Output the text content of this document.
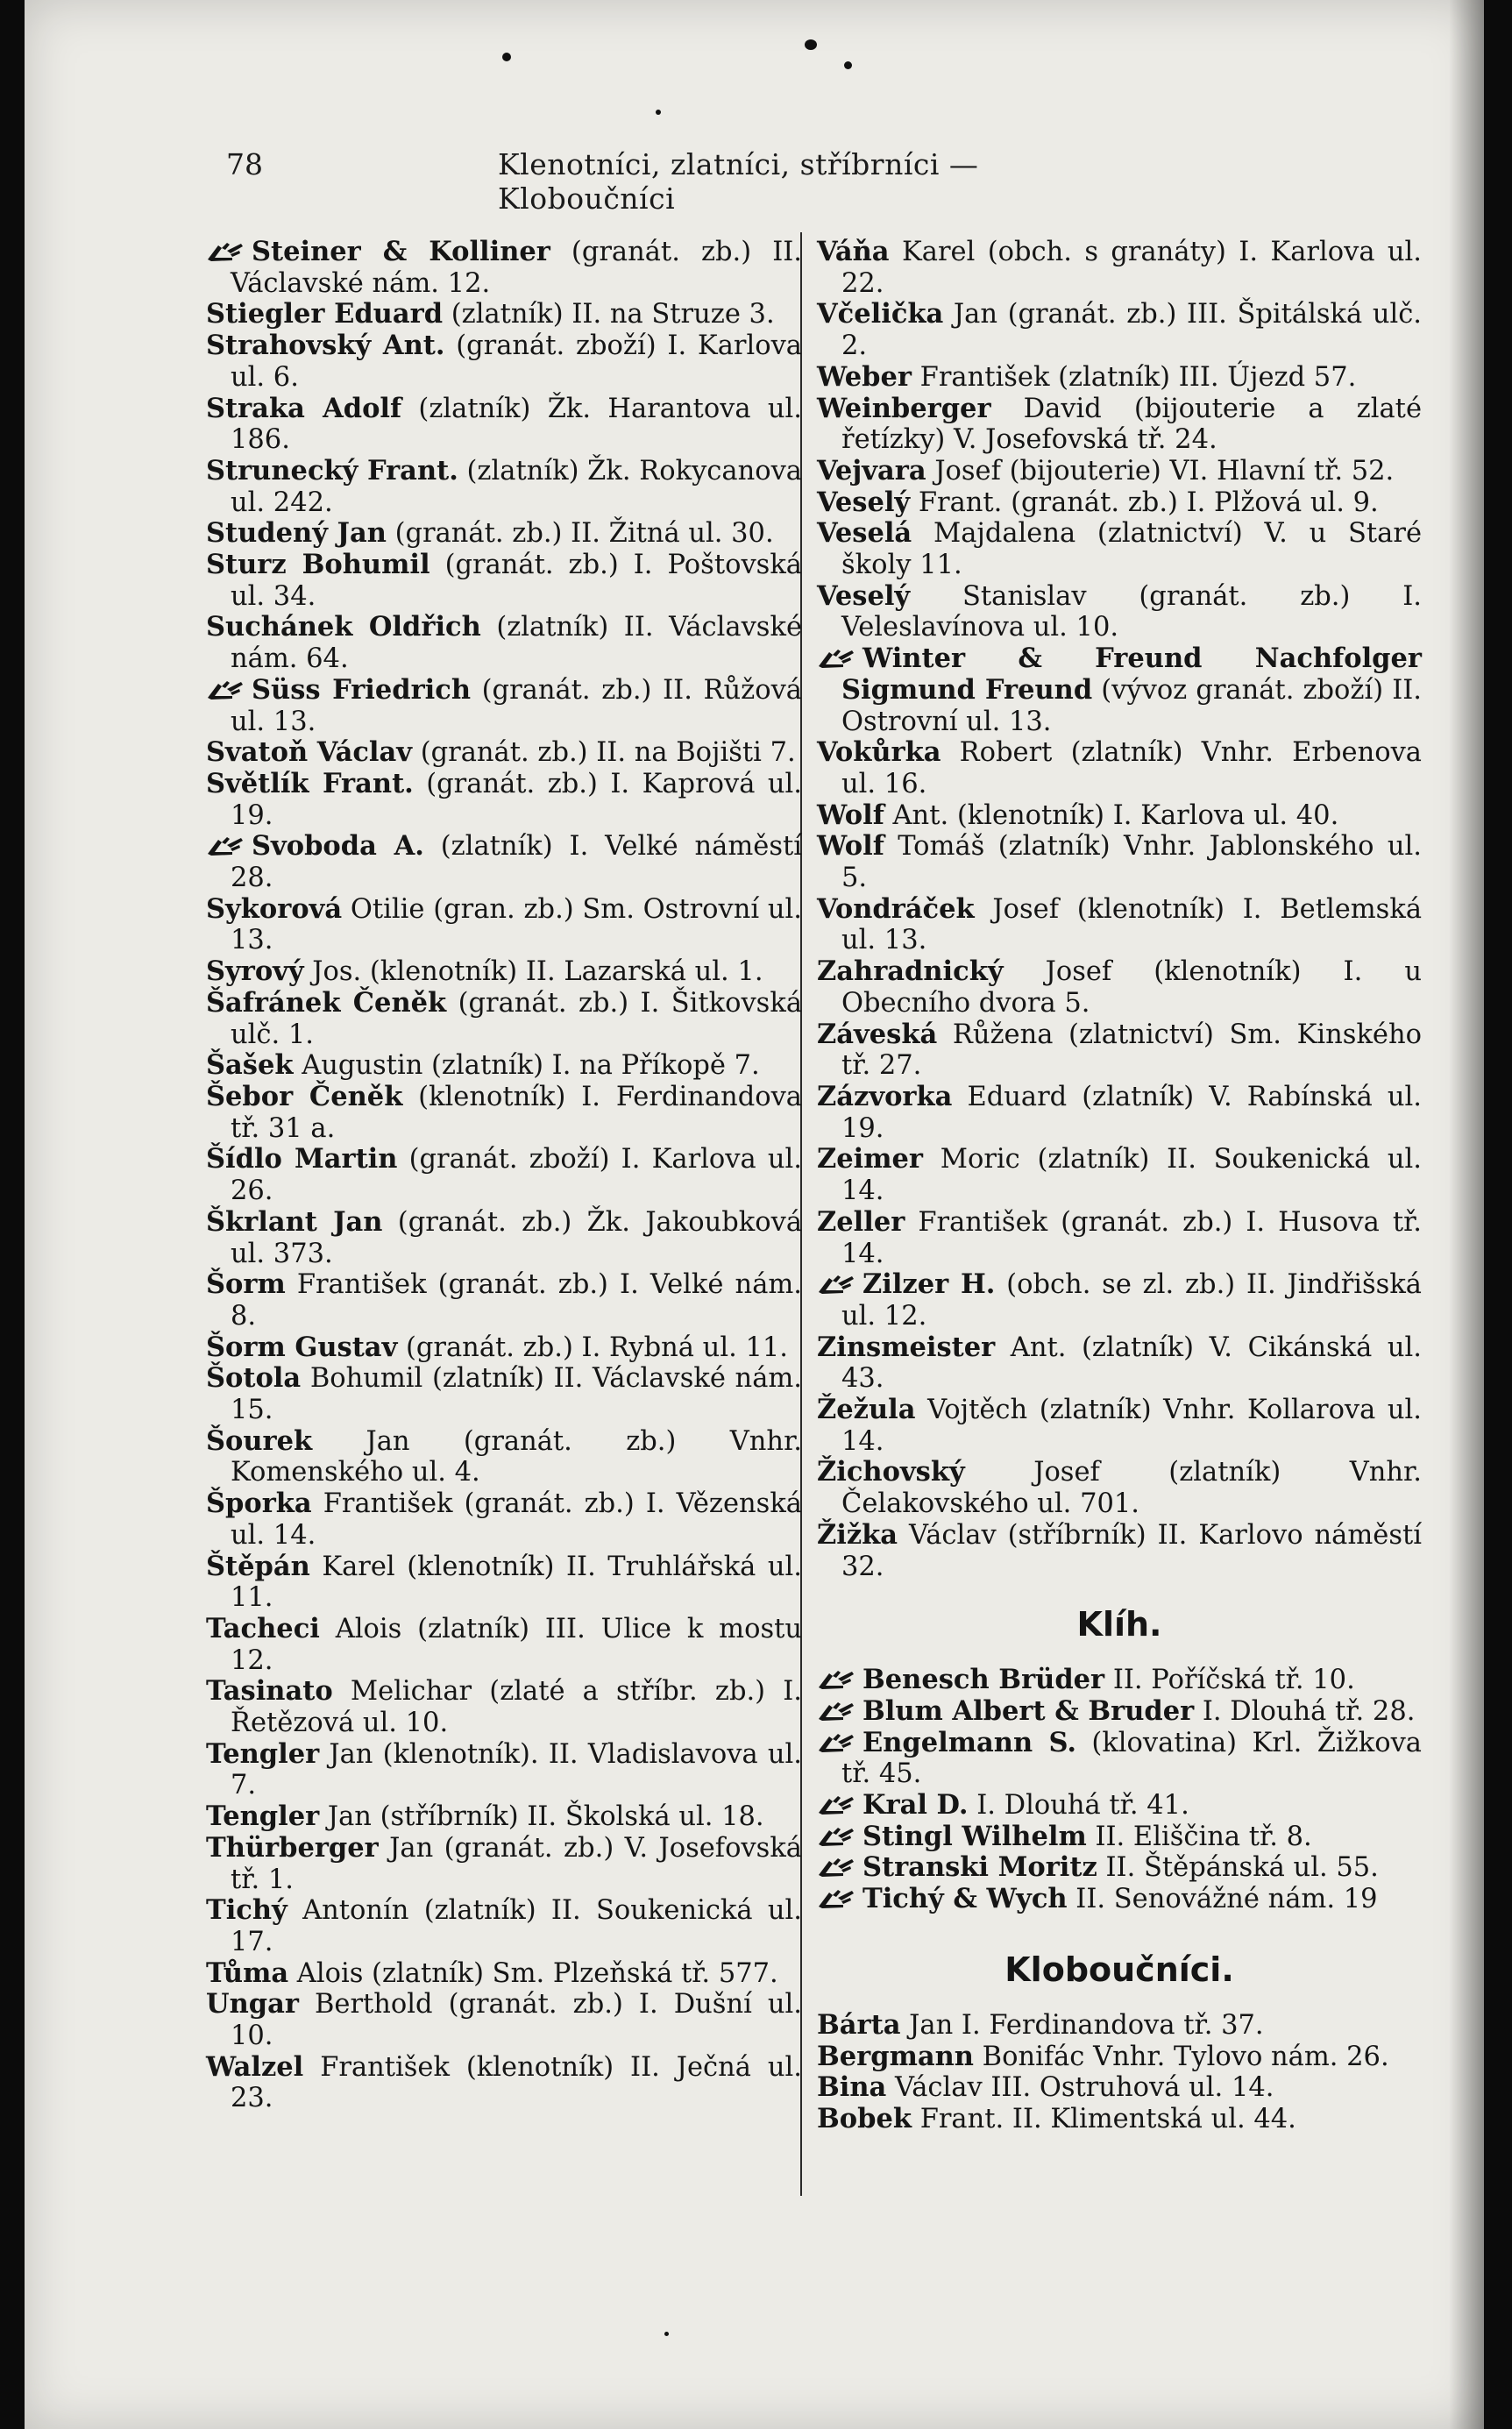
78	Klenotníci, zlatníci, stříbrníci — Kloboučníci

Steiner & Kolliner (granát. zb.) II. Václavské nám. 12.

Stiegler Eduard (zlatník) II. na Struze 3.

Strahovský Ant. (granát. zboží) I. Karlova ul. 6.

Straka Adolf (zlatník) Žk. Harantova ul. 186.

Strunecký Frant. (zlatník) Žk. Rokycanova ul. 242.

Studený Jan (granát. zb.) II. Žitná ul. 30.

Sturz Bohumil (granát. zb.) I. Poštovská ul. 34.

Suchánek Oldřich (zlatník) II. Václavské nám. 64.

Süss Friedrich (granát. zb.) II. Růžová ul. 13.

Svatoň Václav (granát. zb.) II. na Bojišti 7.

Světlík Frant. (granát. zb.) I. Kaprová ul. 19.

Svoboda A. (zlatník) I. Velké náměstí 28.

Sykorová Otilie (gran. zb.) Sm. Ostrovní ul. 13.

Syrový Jos. (klenotník) II. Lazarská ul. 1.

Šafránek Čeněk (granát. zb.) I. Šitkovská ulč. 1.

Šašek Augustin (zlatník) I. na Příkopě 7.

Šebor Čeněk (klenotník) I. Ferdinandova tř. 31 a.

Šídlo Martin (granát. zboží) I. Karlova ul. 26.

Škrlant Jan (granát. zb.) Žk. Jakoubková ul. 373.

Šorm František (granát. zb.) I. Velké nám. 8.

Šorm Gustav (granát. zb.) I. Rybná ul. 11.

Šotola Bohumil (zlatník) II. Václavské nám. 15.

Šourek Jan (granát. zb.) Vnhr. Komenského ul. 4.

Šporka František (granát. zb.) I. Vězenská ul. 14.

Štěpán Karel (klenotník) II. Truhlářská ul. 11.

Tacheci Alois (zlatník) III. Ulice k mostu 12.

Tasinato Melichar (zlaté a stříbr. zb.) I. Řetězová ul. 10.

Tengler Jan (klenotník). II. Vladislavova ul. 7.

Tengler Jan (stříbrník) II. Školská ul. 18.

Thürberger Jan (granát. zb.) V. Josefovská tř. 1.

Tichý Antonín (zlatník) II. Soukenická ul. 17.

Tůma Alois (zlatník) Sm. Plzeňská tř. 577.

Ungar Berthold (granát. zb.) I. Dušní ul. 10.

Walzel František (klenotník) II. Ječná ul. 23.

Váňa Karel (obch. s granáty) I. Karlova ul. 22.

Včelička Jan (granát. zb.) III. Špitálská ulč. 2.

Weber František (zlatník) III. Újezd 57.

Weinberger David (bijouterie a zlaté řetízky) V. Josefovská tř. 24.

Vejvara Josef (bijouterie) VI. Hlavní tř. 52.

Veselý Frant. (granát. zb.) I. Plžová ul. 9.

Veselá Majdalena (zlatnictví) V. u Staré školy 11.

Veselý Stanislav (granát. zb.) I. Veleslavínova ul. 10.

Winter & Freund Nachfolger Sigmund Freund (vývoz granát. zboží) II. Ostrovní ul. 13.

Vokůrka Robert (zlatník) Vnhr. Erbenova ul. 16.

Wolf Ant. (klenotník) I. Karlova ul. 40.

Wolf Tomáš (zlatník) Vnhr. Jablonského ul. 5.

Vondráček Josef (klenotník) I. Betlemská ul. 13.

Zahradnický Josef (klenotník) I. u Obecního dvora 5.

Záveská Růžena (zlatnictví) Sm. Kinského tř. 27.

Zázvorka Eduard (zlatník) V. Rabínská ul. 19.

Zeimer Moric (zlatník) II. Soukenická ul. 14.

Zeller František (granát. zb.) I. Husova tř. 14.

Zilzer H. (obch. se zl. zb.) II. Jindřišská ul. 12.

Zinsmeister Ant. (zlatník) V. Cikánská ul. 43.

Žežula Vojtěch (zlatník) Vnhr. Kollarova ul. 14.

Žichovský Josef (zlatník) Vnhr. Čelakovského ul. 701.

Žižka Václav (stříbrník) II. Karlovo náměstí 32.

Klíh.

Benesch Brüder II. Poříčská tř. 10.

Blum Albert & Bruder I. Dlouhá tř. 28.

Engelmann S. (klovatina) Krl. Žižkova tř. 45.

Kral D. I. Dlouhá tř. 41.

Stingl Wilhelm II. Eliščina tř. 8.

Stranski Moritz II. Štěpánská ul. 55.

Tichý & Wych II. Senovážné nám. 19

Kloboučníci.

Bárta Jan I. Ferdinandova tř. 37.

Bergmann Bonifác Vnhr. Tylovo nám. 26.

Bina Václav III. Ostruhová ul. 14.

Bobek Frant. II. Klimentská ul. 44.
